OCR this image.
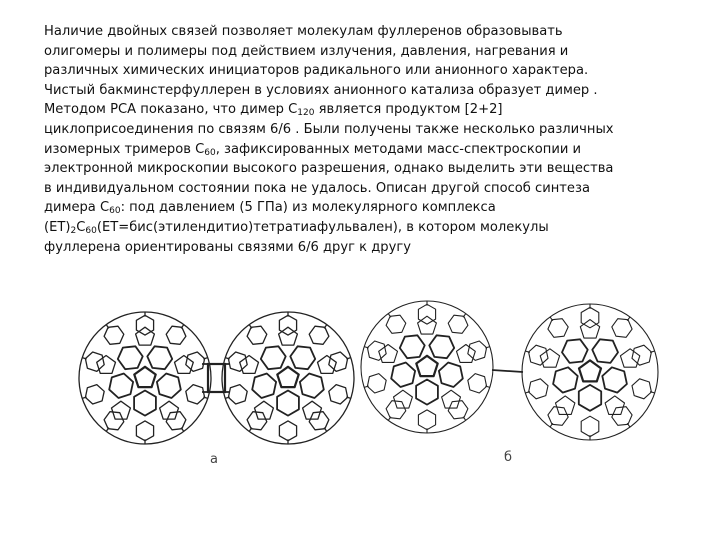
Наличие двойных связей позволяет молекулам фуллеренов образовывать
олигомеры и полимеры под действием излучения, давления, нагревания и
различных химических инициаторов радикального или анионного характера.
Чистый бакминстерфуллерен в условиях анионного катализа образует димер .
Методом РСА показано, что димер $С_{120}$ является продуктом [2+2]
циклоприсоединения по связям 6/6 . Были получены также несколько различных
изомерных тримеров $С_{60}$, зафиксированных методами масс-спектроскопии и
электронной микроскопии высокого разрешения, однако выделить эти вещества
в индивидуальном состоянии пока не удалось. Описан другой способ синтеза
димера $С_{60}$: под давлением (5 ГПа) из молекулярного комплекса
$(ЕТ)_2С_{60}(ЕТ=бис(этилендитио)тетратиафульвален)$, в котором молекулы
фуллерена ориентированы связями 6/6 друг к другу
а	б
